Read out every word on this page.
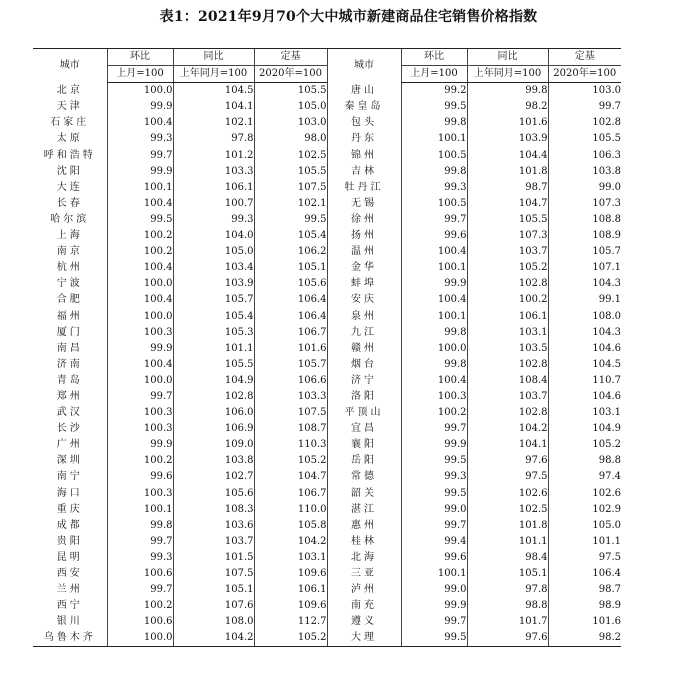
表1：2021年9月70个大中城市新建商品住宅销售价格指数
城市	环比	同比	定基	城市	环比	同比	定基
	上月=100	上年同月=100	2020年=100		上月=100	上年同月=100	2020年=100
北京	100.0	104.5	105.5	唐山	99.2	99.8	103.0
天津	99.9	104.1	105.0	秦皇岛	99.5	98.2	99.7
石家庄	100.4	102.1	103.0	包头	99.8	101.6	102.8
太原	99.3	97.8	98.0	丹东	100.1	103.9	105.5
呼和浩特	99.7	101.2	102.5	锦州	100.5	104.4	106.3
沈阳	99.9	103.3	105.5	吉林	99.8	101.8	103.8
大连	100.1	106.1	107.5	牡丹江	99.3	98.7	99.0
长春	100.4	100.7	102.1	无锡	100.5	104.7	107.3
哈尔滨	99.5	99.3	99.5	徐州	99.7	105.5	108.8
上海	100.2	104.0	105.4	扬州	99.6	107.3	108.9
南京	100.2	105.0	106.2	温州	100.4	103.7	105.7
杭州	100.4	103.4	105.1	金华	100.1	105.2	107.1
宁波	100.0	103.9	105.6	蚌埠	99.9	102.8	104.3
合肥	100.4	105.7	106.4	安庆	100.4	100.2	99.1
福州	100.0	105.4	106.4	泉州	100.1	106.1	108.0
厦门	100.3	105.3	106.7	九江	99.8	103.1	104.3
南昌	99.9	101.1	101.6	赣州	100.0	103.5	104.6
济南	100.4	105.5	105.7	烟台	99.8	102.8	104.5
青岛	100.0	104.9	106.6	济宁	100.4	108.4	110.7
郑州	99.7	102.8	103.3	洛阳	100.3	103.7	104.6
武汉	100.3	106.0	107.5	平顶山	100.2	102.8	103.1
长沙	100.3	106.9	108.7	宜昌	99.7	104.2	104.9
广州	99.9	109.0	110.3	襄阳	99.9	104.1	105.2
深圳	100.2	103.8	105.2	岳阳	99.5	97.6	98.8
南宁	99.6	102.7	104.7	常德	99.3	97.5	97.4
海口	100.3	105.6	106.7	韶关	99.5	102.6	102.6
重庆	100.1	108.3	110.0	湛江	99.0	102.5	102.9
成都	99.8	103.6	105.8	惠州	99.7	101.8	105.0
贵阳	99.7	103.7	104.2	桂林	99.4	101.1	101.1
昆明	99.3	101.5	103.1	北海	99.6	98.4	97.5
西安	100.6	107.5	109.6	三亚	100.1	105.1	106.4
兰州	99.7	105.1	106.1	泸州	99.0	97.8	98.7
西宁	100.2	107.6	109.6	南充	99.9	98.8	98.9
银川	100.6	108.0	112.7	遵义	99.7	101.7	101.6
乌鲁木齐	100.0	104.2	105.2	大理	99.5	97.6	98.2
